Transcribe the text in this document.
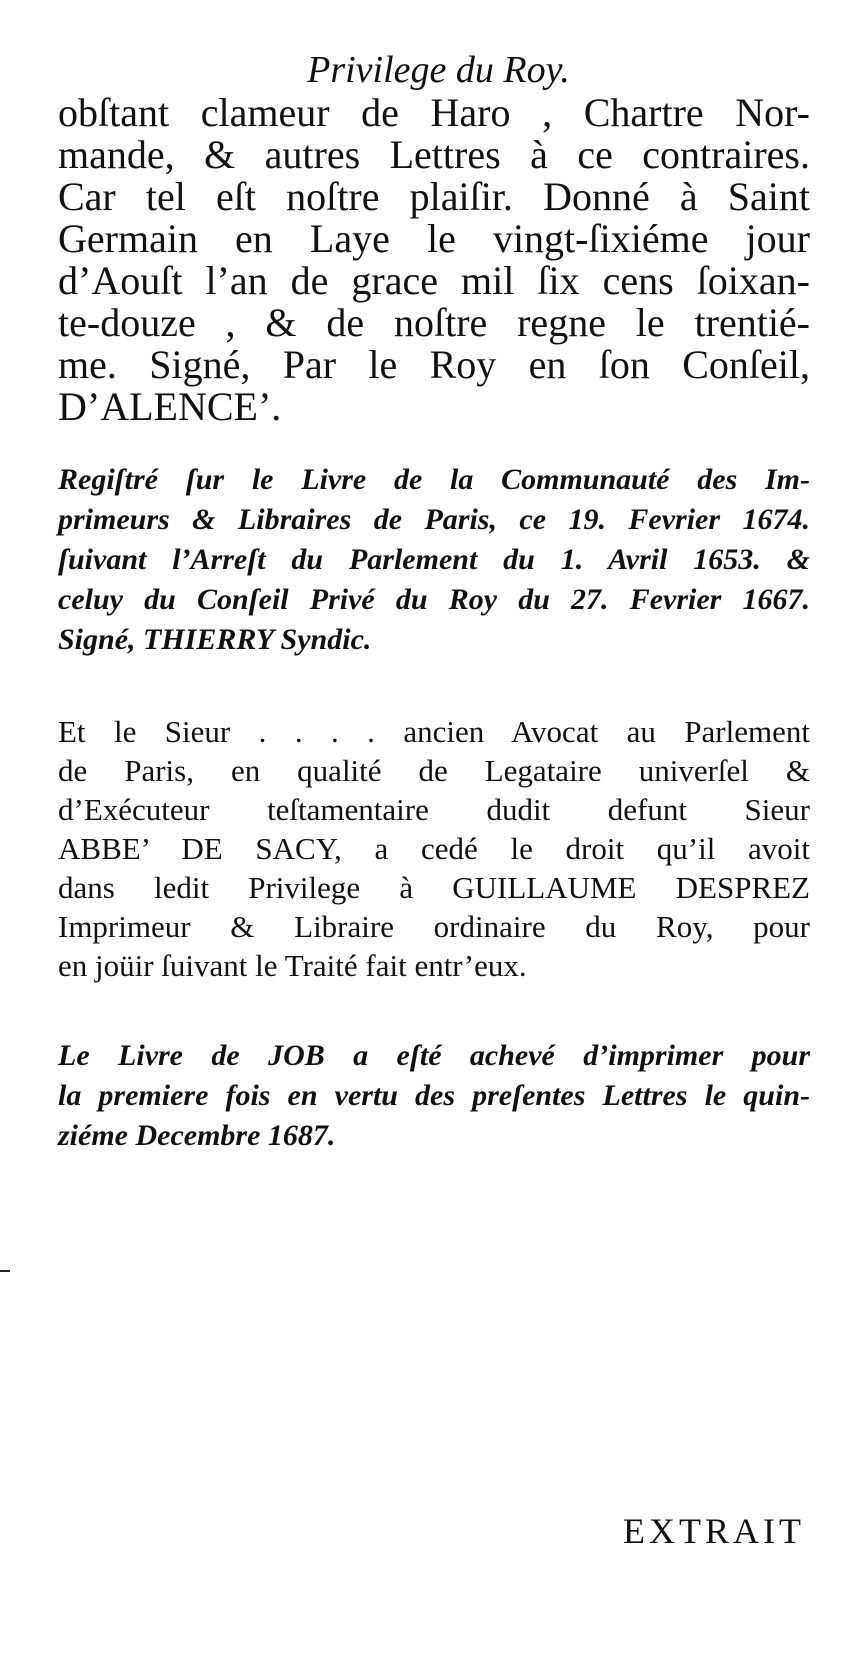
Privilege du Roy.
obſtant clameur de Haro , Chartre Nor-
mande, & autres Lettres à ce contraires.
Car tel eſt noſtre plaiſir. Donné à Saint
Germain en Laye le vingt-ſixiéme jour
d’Aouſt l’an de grace mil ſix cens ſoixan-
te-douze , & de noſtre regne le trentié-
me. Signé, Par le Roy en ſon Conſeil,
D’ALENCE’.
Regiſtré ſur le Livre de la Communauté des Im-
primeurs & Libraires de Paris, ce 19. Fevrier 1674.
ſuivant l’Arreſt du Parlement du 1. Avril 1653. &
celuy du Conſeil Privé du Roy du 27. Fevrier 1667.
Signé, THIERRY Syndic.
Et le Sieur . . . . ancien Avocat au Parlement
de Paris, en qualité de Legataire univerſel &
d’Exécuteur teſtamentaire dudit defunt Sieur
ABBE’ DE SACY, a cedé le droit qu’il avoit
dans ledit Privilege à GUILLAUME DESPREZ
Imprimeur & Libraire ordinaire du Roy, pour
en joüir ſuivant le Traité fait entr’eux.
Le Livre de JOB a eſté achevé d’imprimer pour
la premiere fois en vertu des preſentes Lettres le quin-
ziéme Decembre 1687.
EXTRAIT
